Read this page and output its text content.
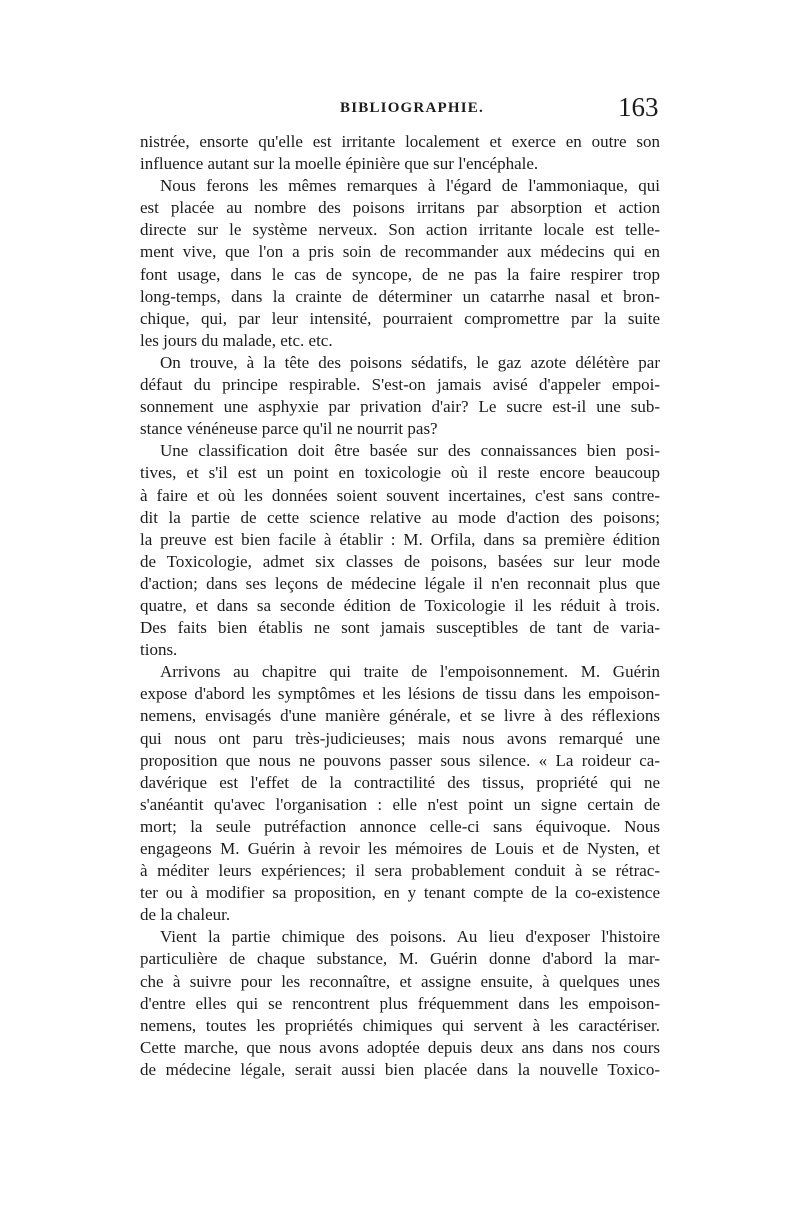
BIBLIOGRAPHIE.	163
nistrée, ensorte qu'elle est irritante localement et exerce en outre son
influence autant sur la moelle épinière que sur l'encéphale.
Nous ferons les mêmes remarques à l'égard de l'ammoniaque, qui
est placée au nombre des poisons irritans par absorption et action
directe sur le système nerveux. Son action irritante locale est telle-
ment vive, que l'on a pris soin de recommander aux médecins qui en
font usage, dans le cas de syncope, de ne pas la faire respirer trop
long-temps, dans la crainte de déterminer un catarrhe nasal et bron-
chique, qui, par leur intensité, pourraient compromettre par la suite
les jours du malade, etc. etc.
On trouve, à la tête des poisons sédatifs, le gaz azote délétère par
défaut du principe respirable. S'est-on jamais avisé d'appeler empoi-
sonnement une asphyxie par privation d'air? Le sucre est-il une sub-
stance vénéneuse parce qu'il ne nourrit pas?
Une classification doit être basée sur des connaissances bien posi-
tives, et s'il est un point en toxicologie où il reste encore beaucoup
à faire et où les données soient souvent incertaines, c'est sans contre-
dit la partie de cette science relative au mode d'action des poisons;
la preuve est bien facile à établir : M. Orfila, dans sa première édition
de Toxicologie, admet six classes de poisons, basées sur leur mode
d'action; dans ses leçons de médecine légale il n'en reconnait plus que
quatre, et dans sa seconde édition de Toxicologie il les réduit à trois.
Des faits bien établis ne sont jamais susceptibles de tant de varia-
tions.
Arrivons au chapitre qui traite de l'empoisonnement. M. Guérin
expose d'abord les symptômes et les lésions de tissu dans les empoison-
nemens, envisagés d'une manière générale, et se livre à des réflexions
qui nous ont paru très-judicieuses; mais nous avons remarqué une
proposition que nous ne pouvons passer sous silence. « La roideur ca-
davérique est l'effet de la contractilité des tissus, propriété qui ne
s'anéantit qu'avec l'organisation : elle n'est point un signe certain de
mort; la seule putréfaction annonce celle-ci sans équivoque. Nous
engageons M. Guérin à revoir les mémoires de Louis et de Nysten, et
à méditer leurs expériences; il sera probablement conduit à se rétrac-
ter ou à modifier sa proposition, en y tenant compte de la co-existence
de la chaleur.
Vient la partie chimique des poisons. Au lieu d'exposer l'histoire
particulière de chaque substance, M. Guérin donne d'abord la mar-
che à suivre pour les reconnaître, et assigne ensuite, à quelques unes
d'entre elles qui se rencontrent plus fréquemment dans les empoison-
nemens, toutes les propriétés chimiques qui servent à les caractériser.
Cette marche, que nous avons adoptée depuis deux ans dans nos cours
de médecine légale, serait aussi bien placée dans la nouvelle Toxico-
